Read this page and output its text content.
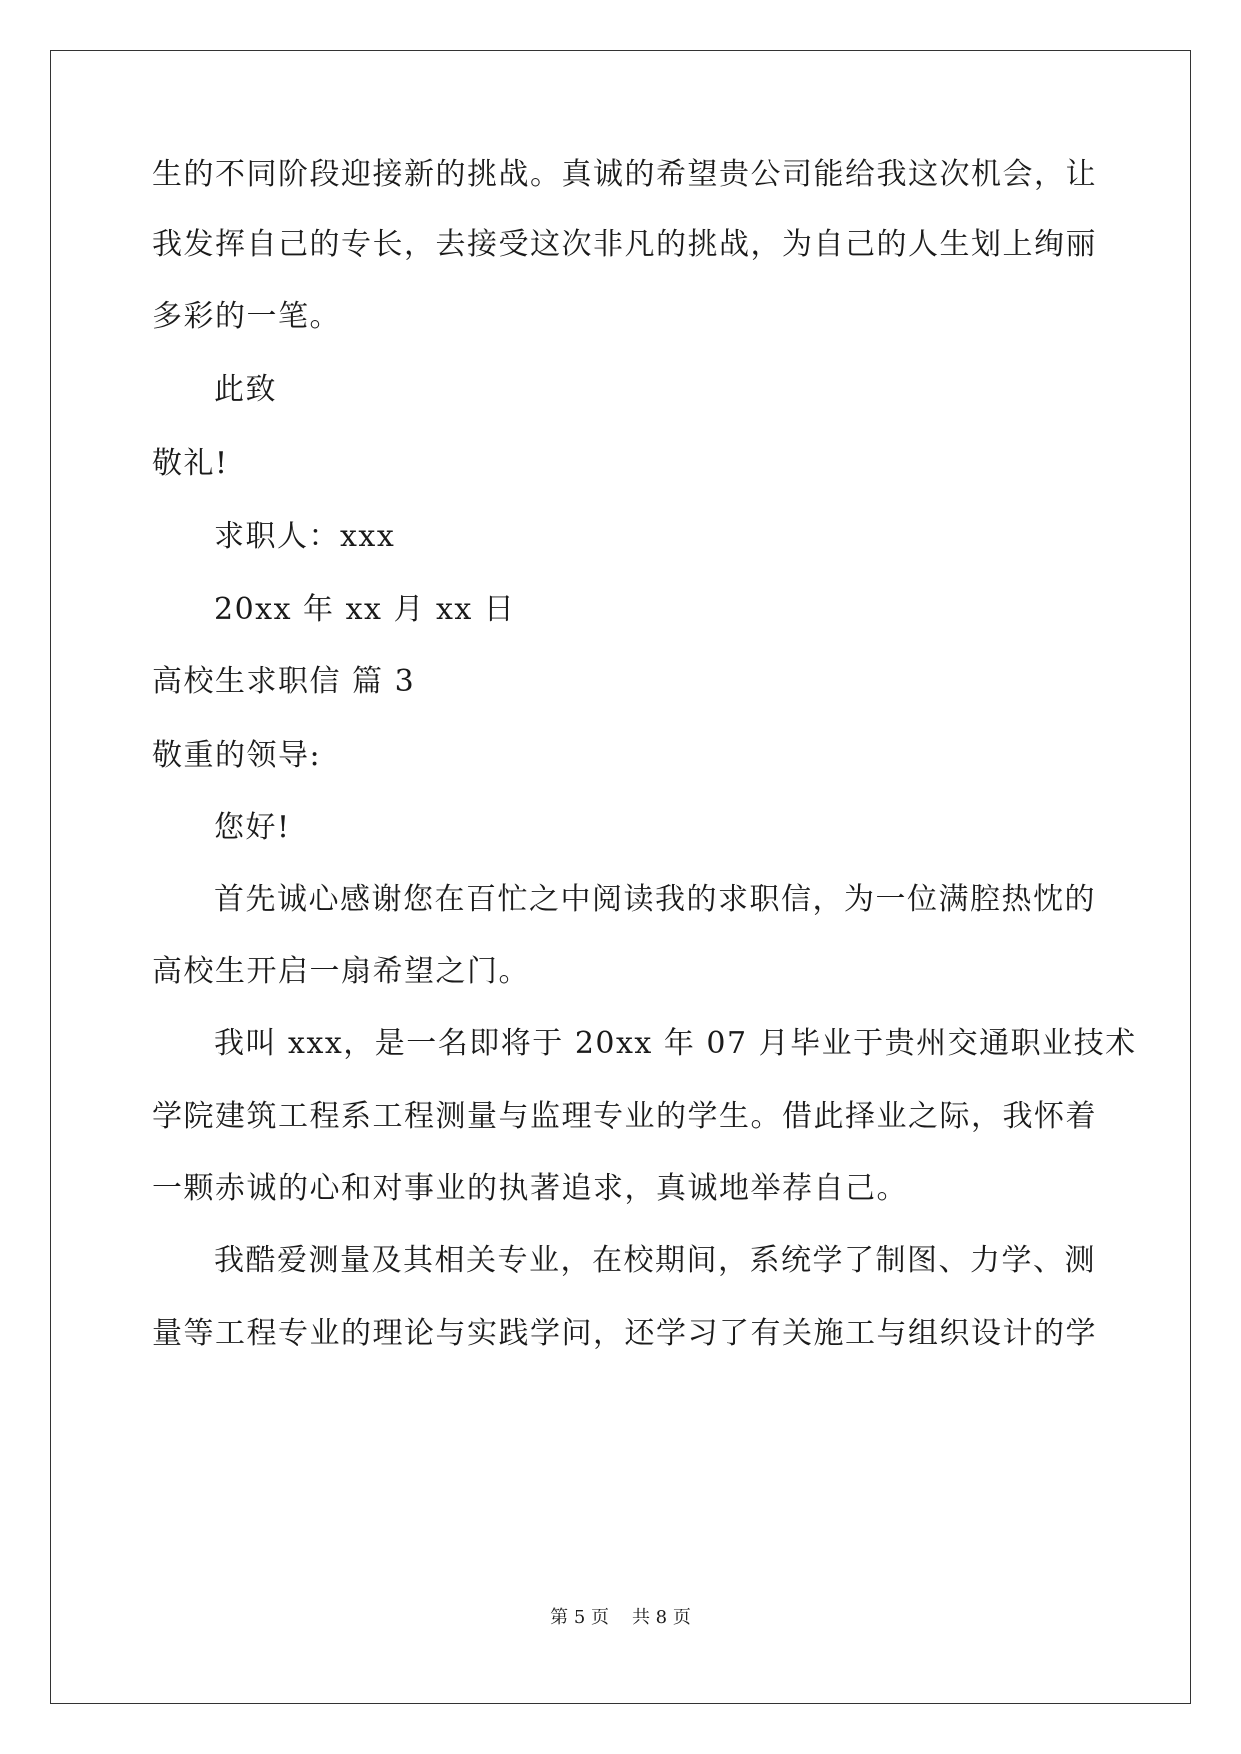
生的不同阶段迎接新的挑战。真诚的希望贵公司能给我这次机会，让
我发挥自己的专长，去接受这次非凡的挑战，为自己的人生划上绚丽
多彩的一笔。
此致
敬礼!
求职人：xxx
20xx 年 xx 月 xx 日
高校生求职信 篇 3
敬重的领导:
您好!
首先诚心感谢您在百忙之中阅读我的求职信，为一位满腔热忱的
高校生开启一扇希望之门。
我叫 xxx，是一名即将于 20xx 年 07 月毕业于贵州交通职业技术
学院建筑工程系工程测量与监理专业的学生。借此择业之际，我怀着
一颗赤诚的心和对事业的执著追求，真诚地举荐自己。
我酷爱测量及其相关专业，在校期间，系统学了制图、力学、测
量等工程专业的理论与实践学问，还学习了有关施工与组织设计的学
第 5 页    共 8 页
